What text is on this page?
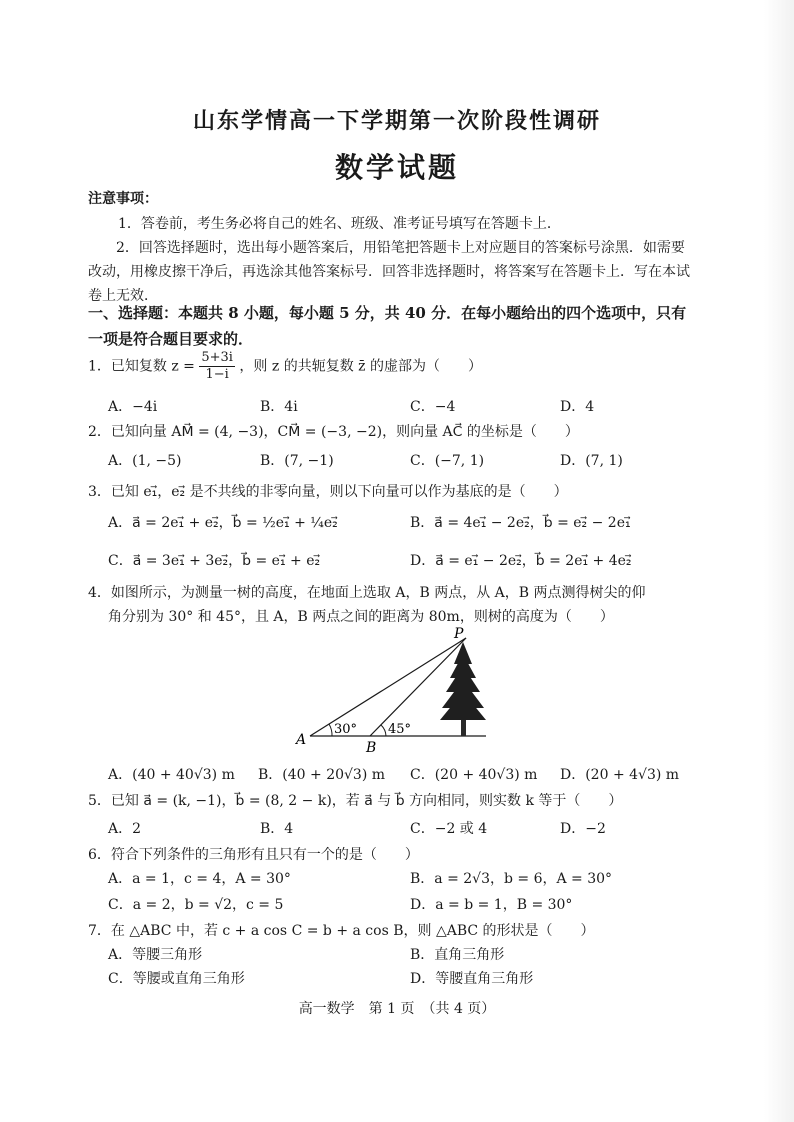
山东学情高一下学期第一次阶段性调研
数学试题
注意事项：
1．答卷前，考生务必将自己的姓名、班级、准考证号填写在答题卡上．
2．回答选择题时，选出每小题答案后，用铅笔把答题卡上对应题目的答案标号涂黑．如需要改动，用橡皮擦干净后，再选涂其他答案标号．回答非选择题时，将答案写在答题卡上．写在本试卷上无效．
一、选择题：本题共 8 小题，每小题 5 分，共 40 分．在每小题给出的四个选项中，只有一项是符合题目要求的．
1．已知复数 $z = \frac{5+3i}{1-i}$ ，则 z 的共轭复数 z̄ 的虚部为（　　）
A．−4i	B．4i	C．−4	D．4
2．已知向量 AM⃗ = (4, −3)，CM⃗ = (−3, −2)，则向量 AC⃗ 的坐标是（　　）
A．(1, −5)	B．(7, −1)	C．(−7, 1)	D．(7, 1)
3．已知 e₁⃗，e₂⃗ 是不共线的非零向量，则以下向量可以作为基底的是（　　）
A．a⃗ = 2e₁⃗ + e₂⃗，b⃗ = ½e₁⃗ + ¼e₂⃗	B．a⃗ = 4e₁⃗ − 2e₂⃗，b⃗ = e₂⃗ − 2e₁⃗
C．a⃗ = 3e₁⃗ + 3e₂⃗，b⃗ = e₁⃗ + e₂⃗	D．a⃗ = e₁⃗ − 2e₂⃗，b⃗ = 2e₁⃗ + 4e₂⃗
4．如图所示，为测量一树的高度，在地面上选取 A，B 两点，从 A，B 两点测得树尖的仰
角分别为 30° 和 45°，且 A，B 两点之间的距离为 80m，则树的高度为（　　）
P
A	B
30° 45°
A．(40 + 40√3) m B．(40 + 20√3) m C．(20 + 40√3) m D．(20 + 4√3) m
5．已知 a⃗ = (k, −1)，b⃗ = (8, 2 − k)，若 a⃗ 与 b⃗ 方向相同，则实数 k 等于（　　）
A．2	B．4	C．−2 或 4	D．−2
6．符合下列条件的三角形有且只有一个的是（　　）
A．a = 1，c = 4，A = 30°	B．a = 2√3，b = 6，A = 30°
C．a = 2，b = √2，c = 5	D．a = b = 1，B = 30°
7．在 △ABC 中，若 c + a cos C = b + a cos B，则 △ABC 的形状是（　　）
A．等腰三角形	B．直角三角形
C．等腰或直角三角形	D．等腰直角三角形
高一数学　第 1 页　（共 4 页）
